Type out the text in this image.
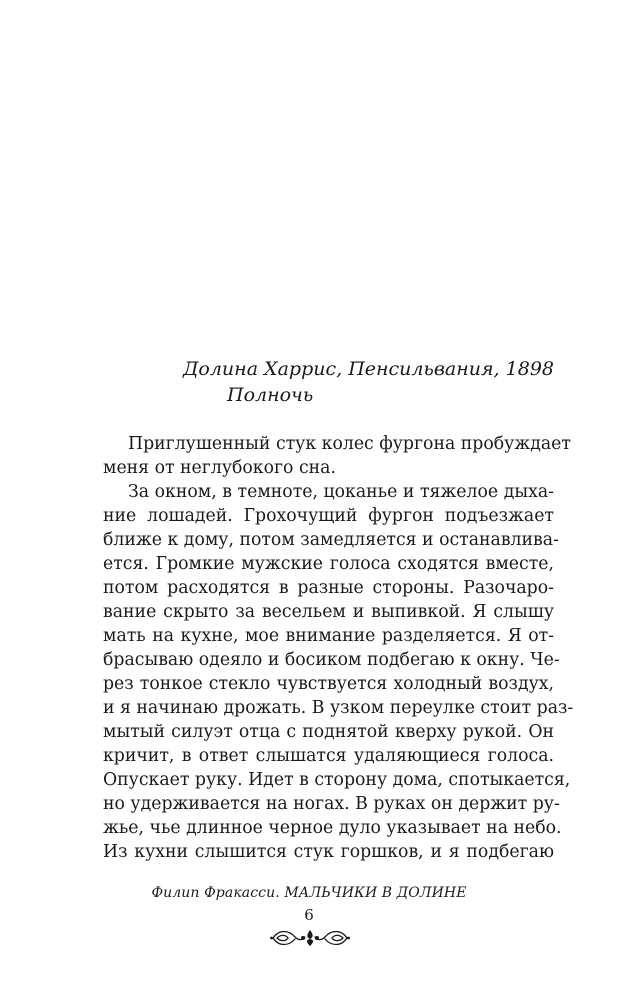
Долина Харрис, Пенсильвания, 1898
Полночь
Приглушенный стук колес фургона пробуждает
меня от неглубокого сна.
За окном, в темноте, цоканье и тяжелое дыха-
ние лошадей. Грохочущий фургон подъезжает
ближе к дому, потом замедляется и останавлива-
ется. Громкие мужские голоса сходятся вместе,
потом расходятся в разные стороны. Разочаро-
вание скрыто за весельем и выпивкой. Я слышу
мать на кухне, мое внимание разделяется. Я от-
брасываю одеяло и босиком подбегаю к окну. Че-
рез тонкое стекло чувствуется холодный воздух,
и я начинаю дрожать. В узком переулке стоит раз-
мытый силуэт отца с поднятой кверху рукой. Он
кричит, в ответ слышатся удаляющиеся голоса.
Опускает руку. Идет в сторону дома, спотыкается,
но удерживается на ногах. В руках он держит ру-
жье, чье длинное черное дуло указывает на небо.
Из кухни слышится стук горшков, и я подбегаю
Филип Фракасси. МАЛЬЧИКИ В ДОЛИНЕ
6
